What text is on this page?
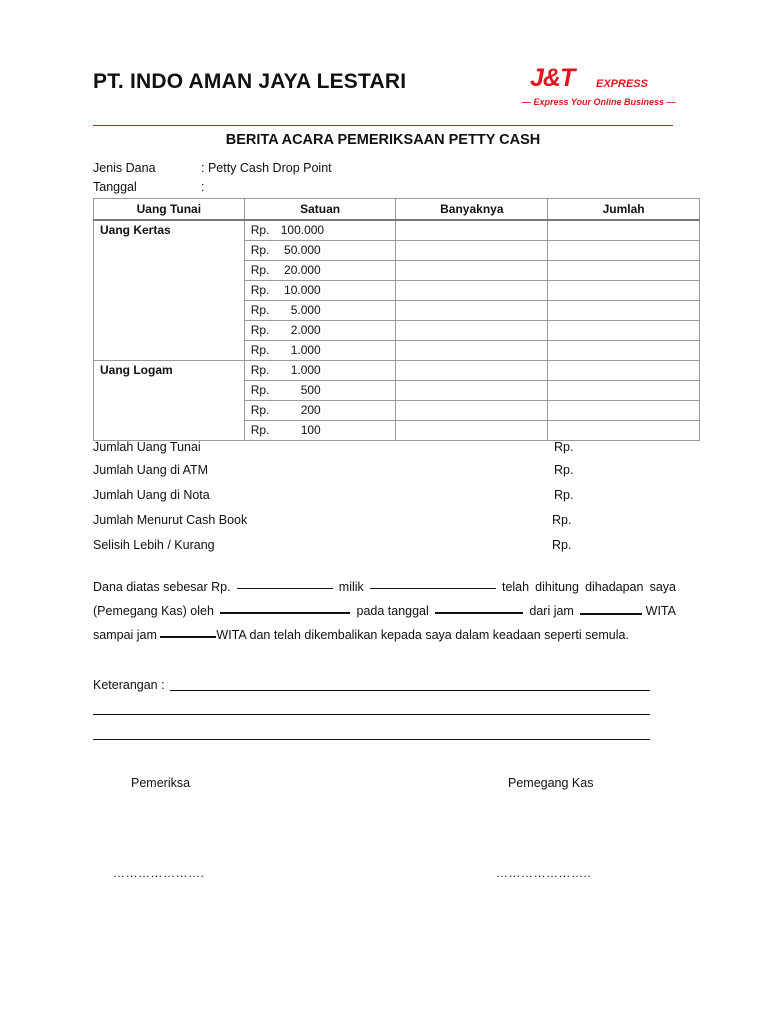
PT. INDO AMAN JAYA LESTARI	J&T EXPRESS
— Express Your Online Business —
BERITA ACARA PEMERIKSAAN PETTY CASH
Jenis Dana	: Petty Cash Drop Point
Tanggal	:
Uang Tunai	Satuan	Banyaknya	Jumlah
Uang Kertas	Rp. 100.000		
	Rp. 50.000		
	Rp. 20.000		
	Rp. 10.000		
	Rp. 5.000		
	Rp. 2.000		
	Rp. 1.000		
Uang Logam	Rp. 1.000		
	Rp. 500		
	Rp. 200		
	Rp. 100		
Jumlah Uang Tunai	Rp.
Jumlah Uang di ATM	Rp.
Jumlah Uang di Nota	Rp.
Jumlah Menurut Cash Book	Rp.
Selisih Lebih / Kurang	Rp.
Dana diatas sebesar Rp.	milik	telah dihitung dihadapan saya
(Pemegang Kas) oleh	pada tanggal	dari jam	WITA
sampai jam
	WITA dan telah dikembalikan kepada saya dalam keadaan seperti semula.
Keterangan :
Pemeriksa	Pemegang Kas
………………….	…………………..
